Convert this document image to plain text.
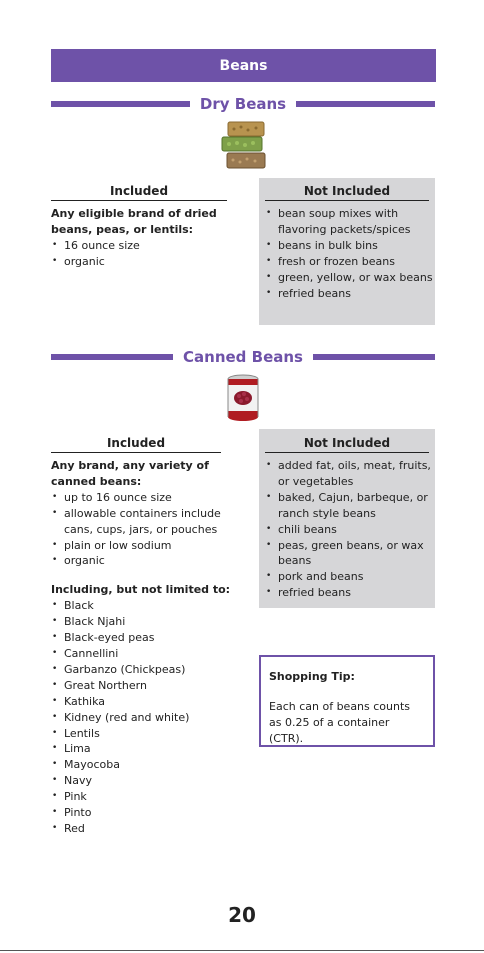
Beans
Dry Beans
Included
Any eligible brand of dried beans, peas, or lentils:
• 16 ounce size
• organic
Not Included
• bean soup mixes with flavoring packets/spices
• beans in bulk bins
• fresh or frozen beans
• green, yellow, or wax beans
• refried beans
Canned Beans
Included
Any brand, any variety of canned beans:
• up to 16 ounce size
• allowable containers include cans, cups, jars, or pouches
• plain or low sodium
• organic
Including, but not limited to:
• Black
• Black Njahi
• Black-eyed peas
• Cannellini
• Garbanzo (Chickpeas)
• Great Northern
• Kathika
• Kidney (red and white)
• Lentils
• Lima
• Mayocoba
• Navy
• Pink
• Pinto
• Red
Not Included
• added fat, oils, meat, fruits, or vegetables
• baked, Cajun, barbeque, or ranch style beans
• chili beans
• peas, green beans, or wax beans
• pork and beans
• refried beans
Shopping Tip:
Each can of beans counts as 0.25 of a container (CTR).
20
